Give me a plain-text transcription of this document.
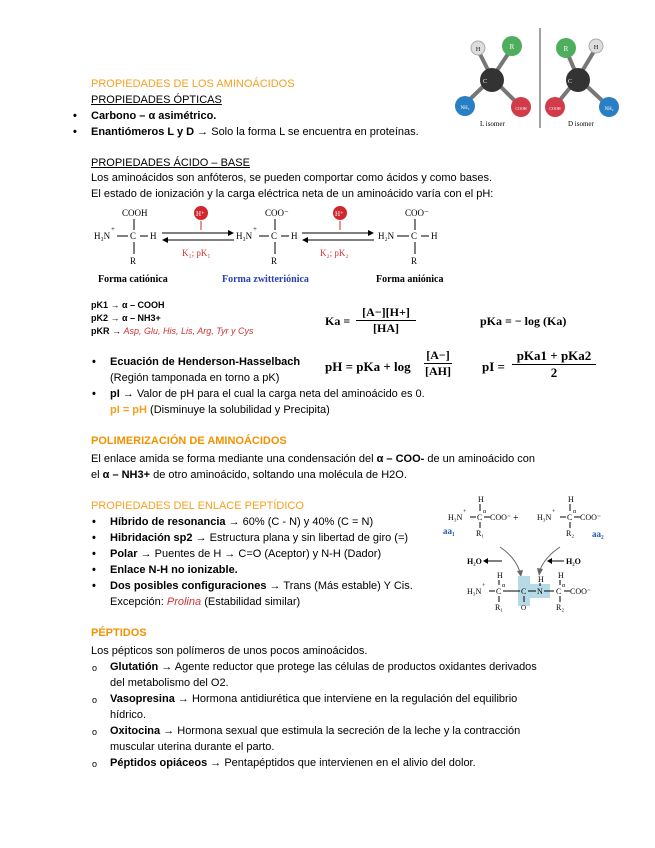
PROPIEDADES DE LOS AMINOÁCIDOS
PROPIEDADES ÓPTICAS
• Carbono – α asimétrico.
• Enantiómeros L y D → Solo la forma L se encuentra en proteínas.
H	R
NH₂	COOH
C
L isomer
R	H
COOH	NH₂
C
D isomer
PROPIEDADES ÁCIDO – BASE
Los aminoácidos son anfóteros, se pueden comportar como ácidos y como bases.
El estado de ionización y la carga eléctrica neta de un aminoácido varía con el pH:
COOH
H₃N
+
C H
R
H⁺
K₁; pK₁
COO⁻
H₃N
+
C H
R
H⁺
K₂; pK₂
COO⁻
H₂N C H
R
Forma catiónica	Forma zwitteriónica	Forma aniónica
pK1 → α – COOH
pK2 → α – NH3+
pKR → Asp, Glu, His, Lis, Arg, Tyr y Cys
Ka =
[A−][H+]
[HA]	pKa = − log (Ka)
pH = pKa + log
[A−]
[AH] pI =
pKa1 + pKa2
2
• Ecuación de Henderson-Hasselbach
(Región tamponada en torno a pK)
• pI → Valor de pH para el cual la carga neta del aminoácido es 0.
pI = pH (Disminuye la solubilidad y Precipita)
POLIMERIZACIÓN DE AMINOÁCIDOS
El enlace amida se forma mediante una condensación del α – COO- de un aminoácido con
el α – NH3+ de otro aminoácido, soltando una molécula de H2O.
PROPIEDADES DEL ENLACE PEPTÍDICO
• Híbrido de resonancia → 60% (C - N) y 40% (C = N)
• Hibridación sp2 → Estructura plana y sin libertad de giro (=)
• Polar → Puentes de H → C=O (Aceptor) y N-H (Dador)
• Enlace N-H no ionizable.
• Dos posibles configuraciones → Trans (Más estable) Y Cis.
Excepción: Prolina (Estabilidad similar)
H
H₃N
+
C
α
COO⁻
R₁
aa₁
+
H
H₃N
+
C
α
COO⁻
R₂ aa₂
H₂O	H₂O
H
H₃N
+
C
α
C
O
N
H H
C
α
COO⁻
R₁	R₂
PÉPTIDOS
Los pépticos son polímeros de unos pocos aminoácidos.
o Glutatión → Agente reductor que protege las células de productos oxidantes derivados
del metabolismo del O2.
o Vasopresina → Hormona antidiurética que interviene en la regulación del equilibrio
hídrico.
o Oxitocina → Hormona sexual que estimula la secreción de la leche y la contracción
muscular uterina durante el parto.
o Péptidos opiáceos → Pentapéptidos que intervienen en el alivio del dolor.
